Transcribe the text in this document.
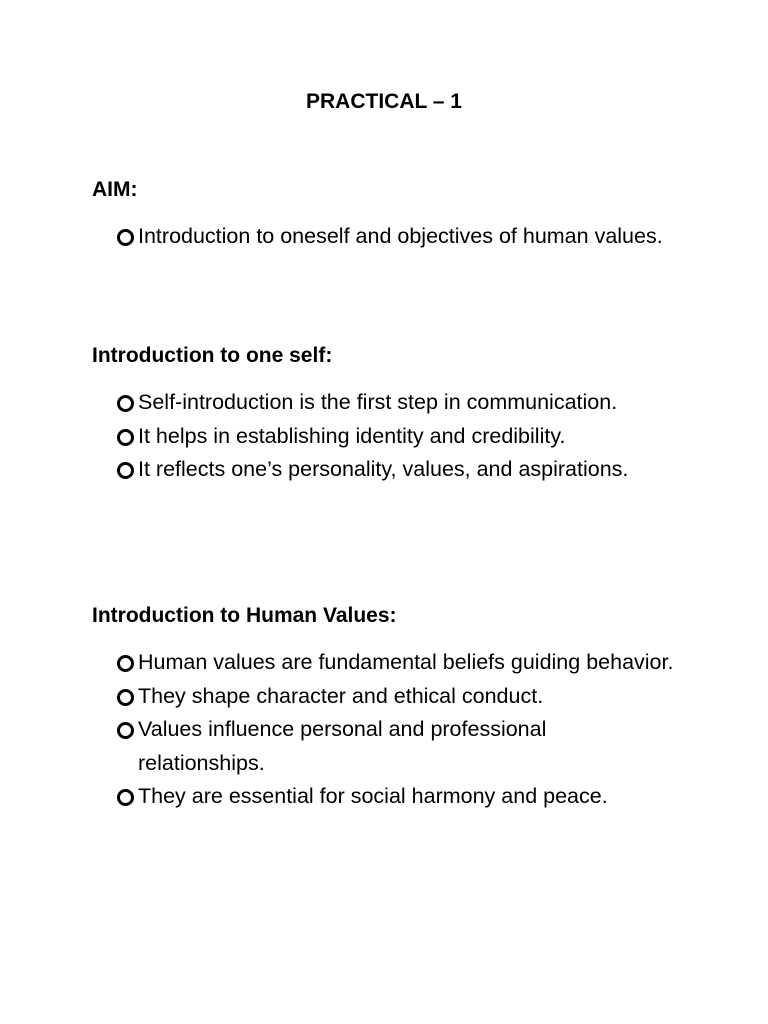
PRACTICAL – 1
AIM:
Introduction to oneself and objectives of human values.
Introduction to one self:
Self-introduction is the first step in communication.
It helps in establishing identity and credibility.
It reflects one’s personality, values, and aspirations.
Introduction to Human Values:
Human values are fundamental beliefs guiding behavior.
They shape character and ethical conduct.
Values influence personal and professional relationships.
They are essential for social harmony and peace.
